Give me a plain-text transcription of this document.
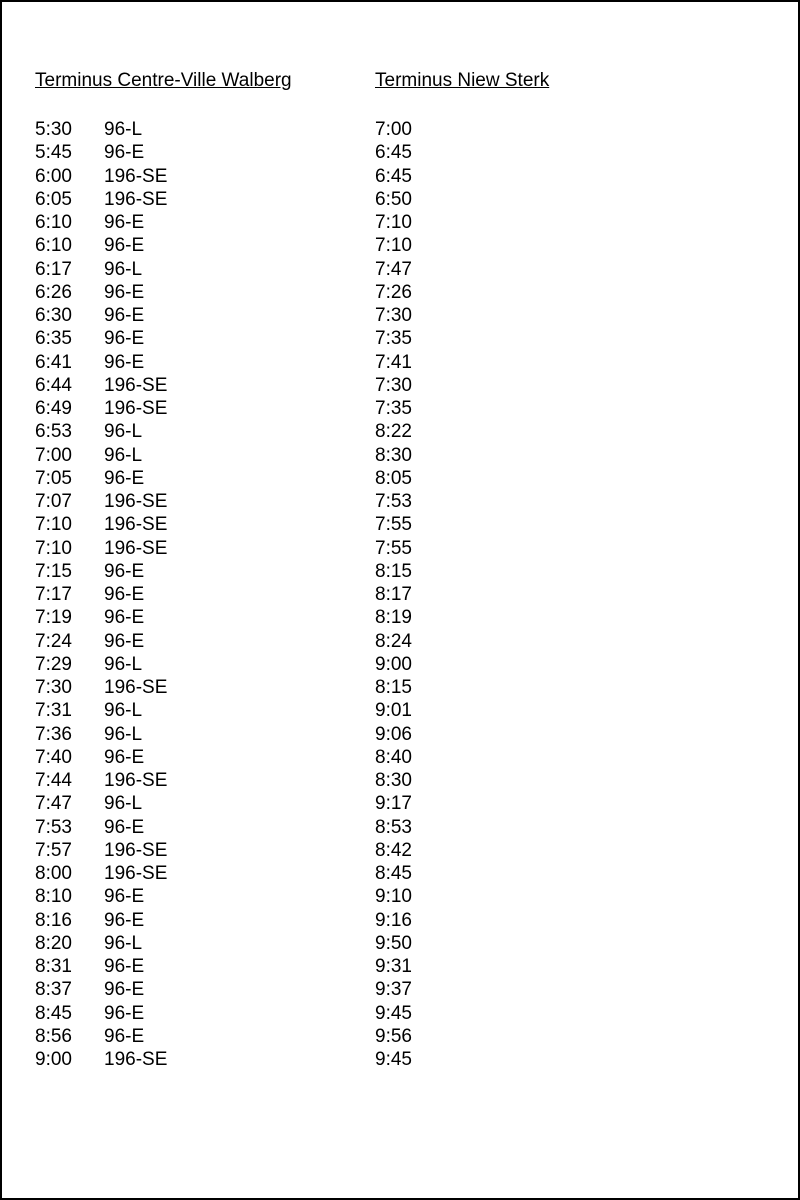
Terminus Centre-Ville Walberg	Terminus Niew Sterk
5:30 96-L	7:00
5:45 96-E	6:45
6:00 196-SE	6:45
6:05 196-SE	6:50
6:10 96-E	7:10
6:10 96-E	7:10
6:17 96-L	7:47
6:26 96-E	7:26
6:30 96-E	7:30
6:35 96-E	7:35
6:41 96-E	7:41
6:44 196-SE	7:30
6:49 196-SE	7:35
6:53 96-L	8:22
7:00 96-L	8:30
7:05 96-E	8:05
7:07 196-SE	7:53
7:10 196-SE	7:55
7:10 196-SE	7:55
7:15 96-E	8:15
7:17 96-E	8:17
7:19 96-E	8:19
7:24 96-E	8:24
7:29 96-L	9:00
7:30 196-SE	8:15
7:31 96-L	9:01
7:36 96-L	9:06
7:40 96-E	8:40
7:44 196-SE	8:30
7:47 96-L	9:17
7:53 96-E	8:53
7:57 196-SE	8:42
8:00 196-SE	8:45
8:10 96-E	9:10
8:16 96-E	9:16
8:20 96-L	9:50
8:31 96-E	9:31
8:37 96-E	9:37
8:45 96-E	9:45
8:56 96-E	9:56
9:00 196-SE	9:45
